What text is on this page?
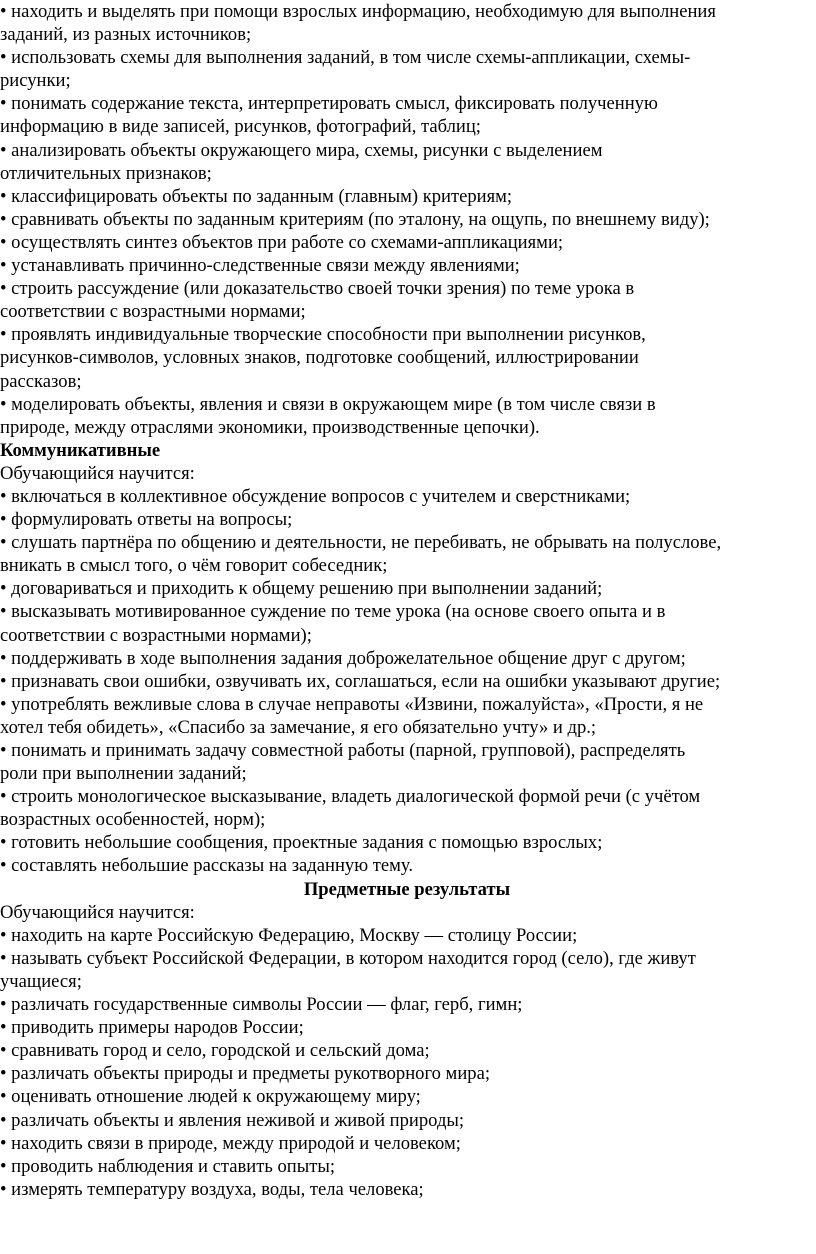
• находить и выделять при помощи взрослых информацию, необходимую для выполнения
заданий, из разных источников;
• использовать схемы для выполнения заданий, в том числе схемы-аппликации, схемы-
рисунки;
• понимать содержание текста, интерпретировать смысл, фиксировать полученную
информацию в виде записей, рисунков, фотографий, таблиц;
• анализировать объекты окружающего мира, схемы, рисунки с выделением
отличительных признаков;
• классифицировать объекты по заданным (главным) критериям;
• сравнивать объекты по заданным критериям (по эталону, на ощупь, по внешнему виду);
• осуществлять синтез объектов при работе со схемами-аппликациями;
• устанавливать причинно-следственные связи между явлениями;
• строить рассуждение (или доказательство своей точки зрения) по теме урока в
соответствии с возрастными нормами;
• проявлять индивидуальные творческие способности при выполнении рисунков,
рисунков-символов, условных знаков, подготовке сообщений, иллюстрировании
рассказов;
• моделировать объекты, явления и связи в окружающем мире (в том числе связи в
природе, между отраслями экономики, производственные цепочки).
Коммуникативные
Обучающийся научится:
• включаться в коллективное обсуждение вопросов с учителем и сверстниками;
• формулировать ответы на вопросы;
• слушать партнёра по общению и деятельности, не перебивать, не обрывать на полуслове,
вникать в смысл того, о чём говорит собеседник;
• договариваться и приходить к общему решению при выполнении заданий;
• высказывать мотивированное суждение по теме урока (на основе своего опыта и в
соответствии с возрастными нормами);
• поддерживать в ходе выполнения задания доброжелательное общение друг с другом;
• признавать свои ошибки, озвучивать их, соглашаться, если на ошибки указывают другие;
• употреблять вежливые слова в случае неправоты «Извини, пожалуйста», «Прости, я не
хотел тебя обидеть», «Спасибо за замечание, я его обязательно учту» и др.;
• понимать и принимать задачу совместной работы (парной, групповой), распределять
роли при выполнении заданий;
• строить монологическое высказывание, владеть диалогической формой речи (с учётом
возрастных особенностей, норм);
• готовить небольшие сообщения, проектные задания с помощью взрослых;
• составлять небольшие рассказы на заданную тему.
Предметные результаты
Обучающийся научится:
• находить на карте Российскую Федерацию, Москву — столицу России;
• называть субъект Российской Федерации, в котором находится город (село), где живут
учащиеся;
• различать государственные символы России — флаг, герб, гимн;
• приводить примеры народов России;
• сравнивать город и село, городской и сельский дома;
• различать объекты природы и предметы рукотворного мира;
• оценивать отношение людей к окружающему миру;
• различать объекты и явления неживой и живой природы;
• находить связи в природе, между природой и человеком;
• проводить наблюдения и ставить опыты;
• измерять температуру воздуха, воды, тела человека;
